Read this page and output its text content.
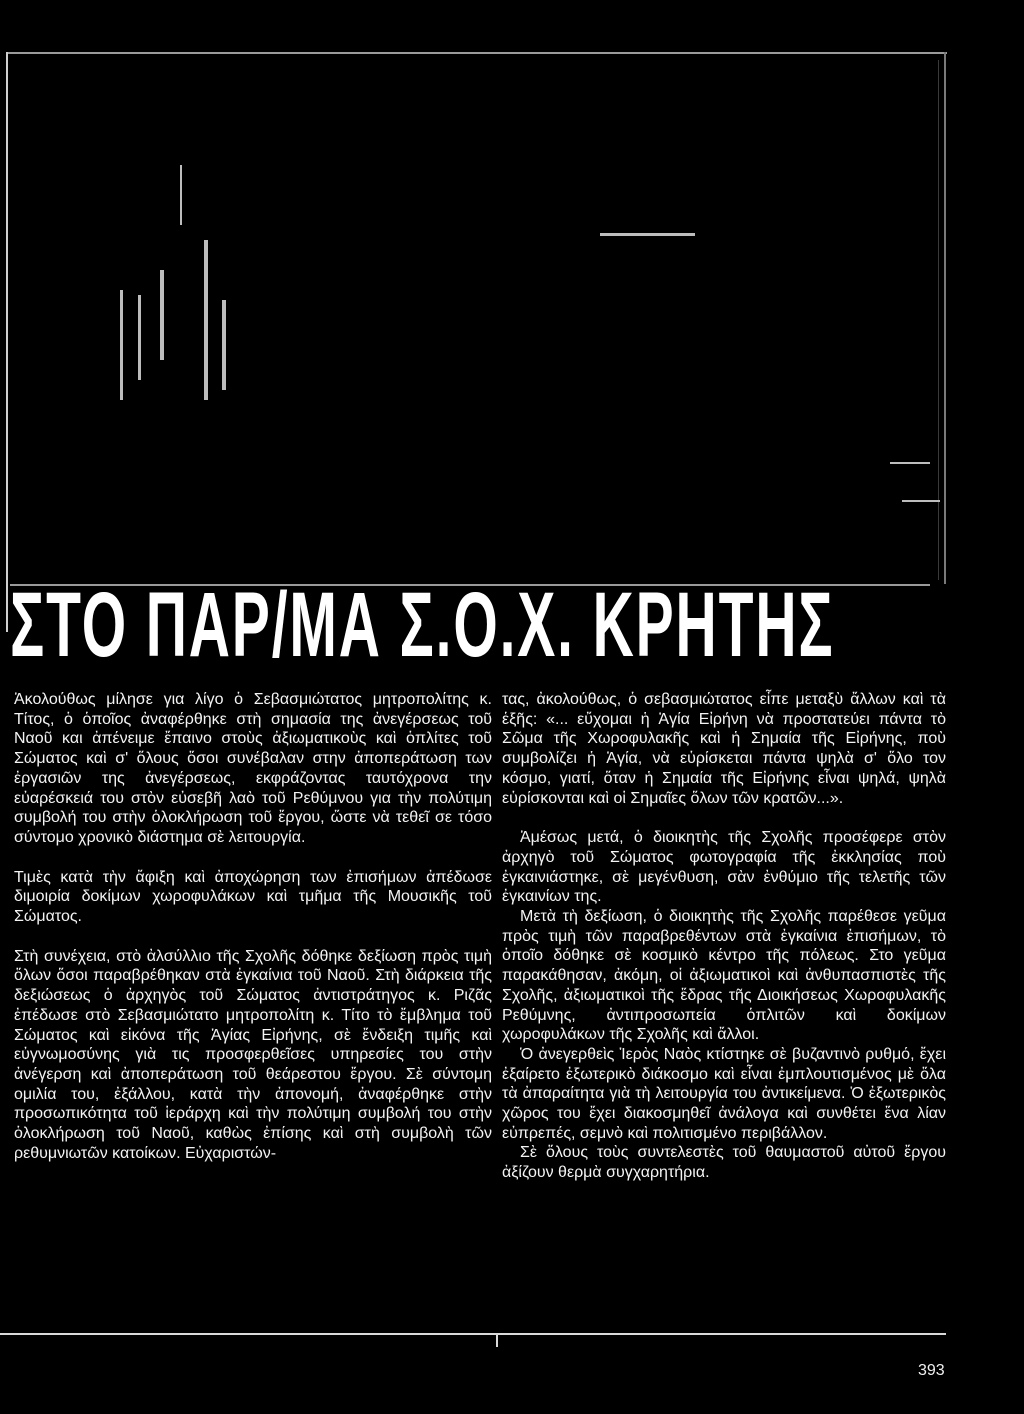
ΣΤΟ ΠΑΡ/ΜΑ Σ.Ο.Χ. ΚΡΗΤΗΣ

Ἀκολούθως μίλησε για λίγο ὁ Σεβασμιώτατος μητροπολίτης κ. Τίτος, ὁ ὁποῖος ἀναφέρθηκε στὴ σημασία της ἀνεγέρσεως τοῦ Ναοῦ και ἀπένειμε ἔπαινο στοὺς ἀξιωματικοὺς καὶ ὁπλίτες τοῦ Σώματος καὶ σ' ὅλους ὅσοι συνέβαλαν στην ἀποπεράτωση των ἐργασιῶν της ἀνεγέρσεως, εκφράζοντας ταυτόχρονα την εὐαρέσκειά του στὸν εὐσεβῆ λαὸ τοῦ Ρεθύμνου για τὴν πολύτιμη συμβολή του στὴν ὁλοκλήρωση τοῦ ἔργου, ὥστε νὰ τεθεῖ σε τόσο σύντομο χρονικὸ διάστημα σὲ λειτουργία.

Τιμὲς κατὰ τὴν ἄφιξη καὶ ἀποχώρηση των ἐπισήμων ἀπέδωσε διμοιρία δοκίμων χωροφυλάκων καὶ τμῆμα τῆς Μουσικῆς τοῦ Σώματος.

Στὴ συνέχεια, στὸ ἀλσύλλιο τῆς Σχολῆς δόθηκε δεξίωση πρὸς τιμὴ ὅλων ὅσοι παραβρέθηκαν στὰ ἐγκαίνια τοῦ Ναοῦ. Στὴ διάρκεια τῆς δεξιώσεως ὁ ἀρχηγὸς τοῦ Σώματος ἀντιστράτηγος κ. Ριζᾶς ἐπέδωσε στὸ Σεβασμιώτατο μητροπολίτη κ. Τίτο τὸ ἔμβλημα τοῦ Σώματος καὶ εἰκόνα τῆς Ἁγίας Εἰρήνης, σὲ ἔνδειξη τιμῆς καὶ εὐγνωμοσύνης γιὰ τις προσφερθεῖσες υπηρεσίες του στὴν ἀνέγερση καὶ ἀποπεράτωση τοῦ θεάρεστου ἔργου. Σὲ σύντομη ομιλία του, ἐξάλλου, κατὰ τὴν ἀπονομή, ἀναφέρθηκε στὴν προσωπικότητα τοῦ ἱεράρχη καὶ τὴν πολύτιμη συμβολή του στὴν ὁλοκλήρωση τοῦ Ναοῦ, καθὼς ἐπίσης καὶ στὴ συμβολὴ τῶν ρεθυμνιωτῶν κατοίκων. Εὐχαριστών-

τας, ἀκολούθως, ὁ σεβασμιώτατος εἶπε μεταξὺ ἄλλων καὶ τὰ ἑξῆς: «... εὔχομαι ἡ Ἁγία Εἰρήνη νὰ προστατεύει πάντα τὸ Σῶμα τῆς Χωροφυλακῆς καὶ ἡ Σημαία τῆς Εἰρήνης, ποὺ συμβολίζει ἡ Ἁγία, νὰ εὑρίσκεται πάντα ψηλὰ σ' ὅλο τον κόσμο, γιατί, ὅταν ἡ Σημαία τῆς Εἰρήνης εἶναι ψηλά, ψηλὰ εὑρίσκονται καὶ οἱ Σημαῖες ὅλων τῶν κρατῶν...».

Ἀμέσως μετά, ὁ διοικητὴς τῆς Σχολῆς προσέφερε στὸν ἀρχηγὸ τοῦ Σώματος φωτογραφία τῆς ἐκκλησίας ποὺ ἐγκαινιάστηκε, σὲ μεγένθυση, σὰν ἐνθύμιο τῆς τελετῆς τῶν ἐγκαινίων της.

Μετὰ τὴ δεξίωση, ὁ διοικητὴς τῆς Σχολῆς παρέθεσε γεῦμα πρὸς τιμὴ τῶν παραβρεθέντων στὰ ἐγκαίνια ἐπισήμων, τὸ ὁποῖο δόθηκε σὲ κοσμικὸ κέντρο τῆς πόλεως. Στο γεῦμα παρακάθησαν, ἀκόμη, οἱ ἀξιωματικοὶ καὶ ἀνθυπασπιστὲς τῆς Σχολῆς, ἀξιωματικοὶ τῆς ἕδρας τῆς Διοικήσεως Χωροφυλακῆς Ρεθύμνης, ἀντιπροσωπεία ὁπλιτῶν καὶ δοκίμων χωροφυλάκων τῆς Σχολῆς καὶ ἄλλοι.

Ὁ ἀνεγερθεὶς Ἱερὸς Ναὸς κτίστηκε σὲ βυζαντινὸ ρυθμό, ἔχει ἐξαίρετο ἐξωτερικὸ διάκοσμο καὶ εἶναι ἐμπλουτισμένος μὲ ὅλα τὰ ἀπαραίτητα γιὰ τὴ λειτουργία του ἀντικείμενα. Ὁ ἐξωτερικὸς χῶρος του ἔχει διακοσμηθεῖ ἀνάλογα καὶ συνθέτει ἕνα λίαν εὐπρεπές, σεμνὸ καὶ πολιτισμένο περιβάλλον.

Σὲ ὅλους τοὺς συντελεστὲς τοῦ θαυμαστοῦ αὐτοῦ ἔργου ἀξίζουν θερμὰ συγχαρητήρια.

393
